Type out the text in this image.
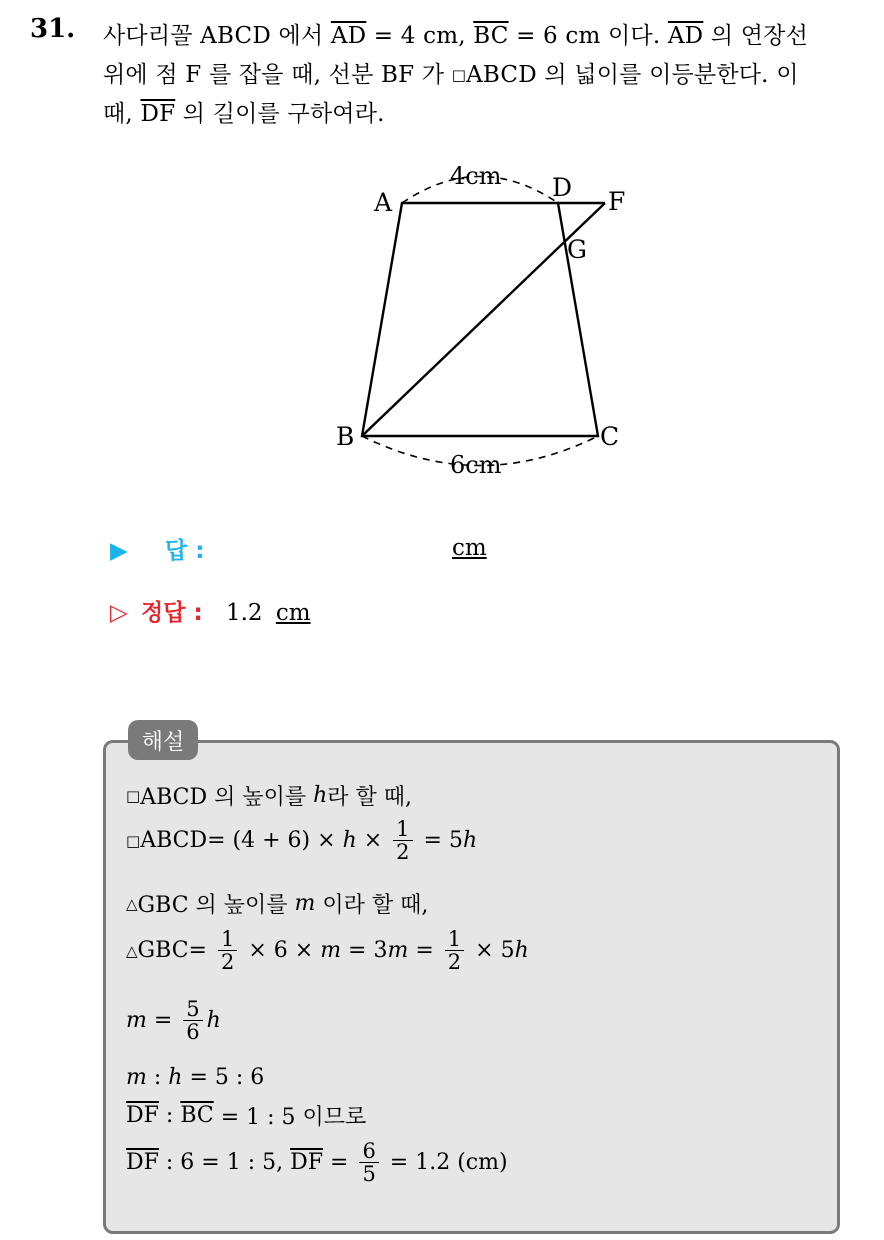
31. 사다리꼴 ABCD 에서 $\overline{AD} = 4$ cm, $\overline{BC} = 6$ cm 이다. $\overline{AD}$ 의 연장선
위에 점 F 를 잡을 때, 선분 BF 가 □ABCD 의 넓이를 이등분한다. 이
때, $\overline{DF}$ 의 길이를 구하여라.
A
D F
G
B	C
4cm
6cm
▶ 답 :	cm
▷ 정답 : 1.2 cm
해설
□ ABCD 의 높이를 h 라 할 때,
□ ABCD= $(4 + 6) \times h \times \frac{1}{2} = 5$ h
△ GBC 의 높이를 m 이라 할 때,
△ $GBC= \frac{1}{2} \times 6 \times m = 3$ $m = \frac{1}{2} \times 5$ h
$m = \frac{5}{6}$ h
m : h = 5 : 6
$\overline{DF}$ : $\overline{BC} = 1$ : 5 이므로
$\overline{DF}$ : 6 = 1 : 5, $\overline{DF} = \frac{6}{5} = 1.2$ (cm)
